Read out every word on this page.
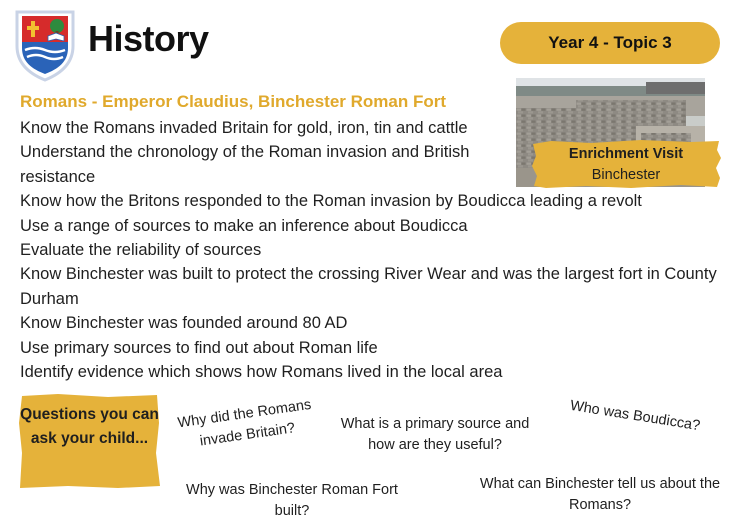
History	Year 4 - Topic 3
Romans - Emperor Claudius, Binchester Roman Fort
Know the Romans invaded Britain for gold, iron, tin and cattle
Understand the chronology of the Roman invasion and British resistance
Know how the Britons responded to the Roman invasion by Boudicca leading a revolt
Use a range of sources to make an inference about Boudicca
Evaluate the reliability of sources
Know Binchester was built to protect the crossing River Wear and was the largest fort in County Durham
Know Binchester was founded around 80 AD
Use primary sources to find out about Roman life
Identify evidence which shows how Romans lived in the local area
Enrichment Visit
Binchester
Questions you can ask your child...
Why did the Romans invade Britain?	What is a primary source and how are they useful?
Who was Boudicca?
Why was Binchester Roman Fort built?
What can Binchester tell us about the Romans?
